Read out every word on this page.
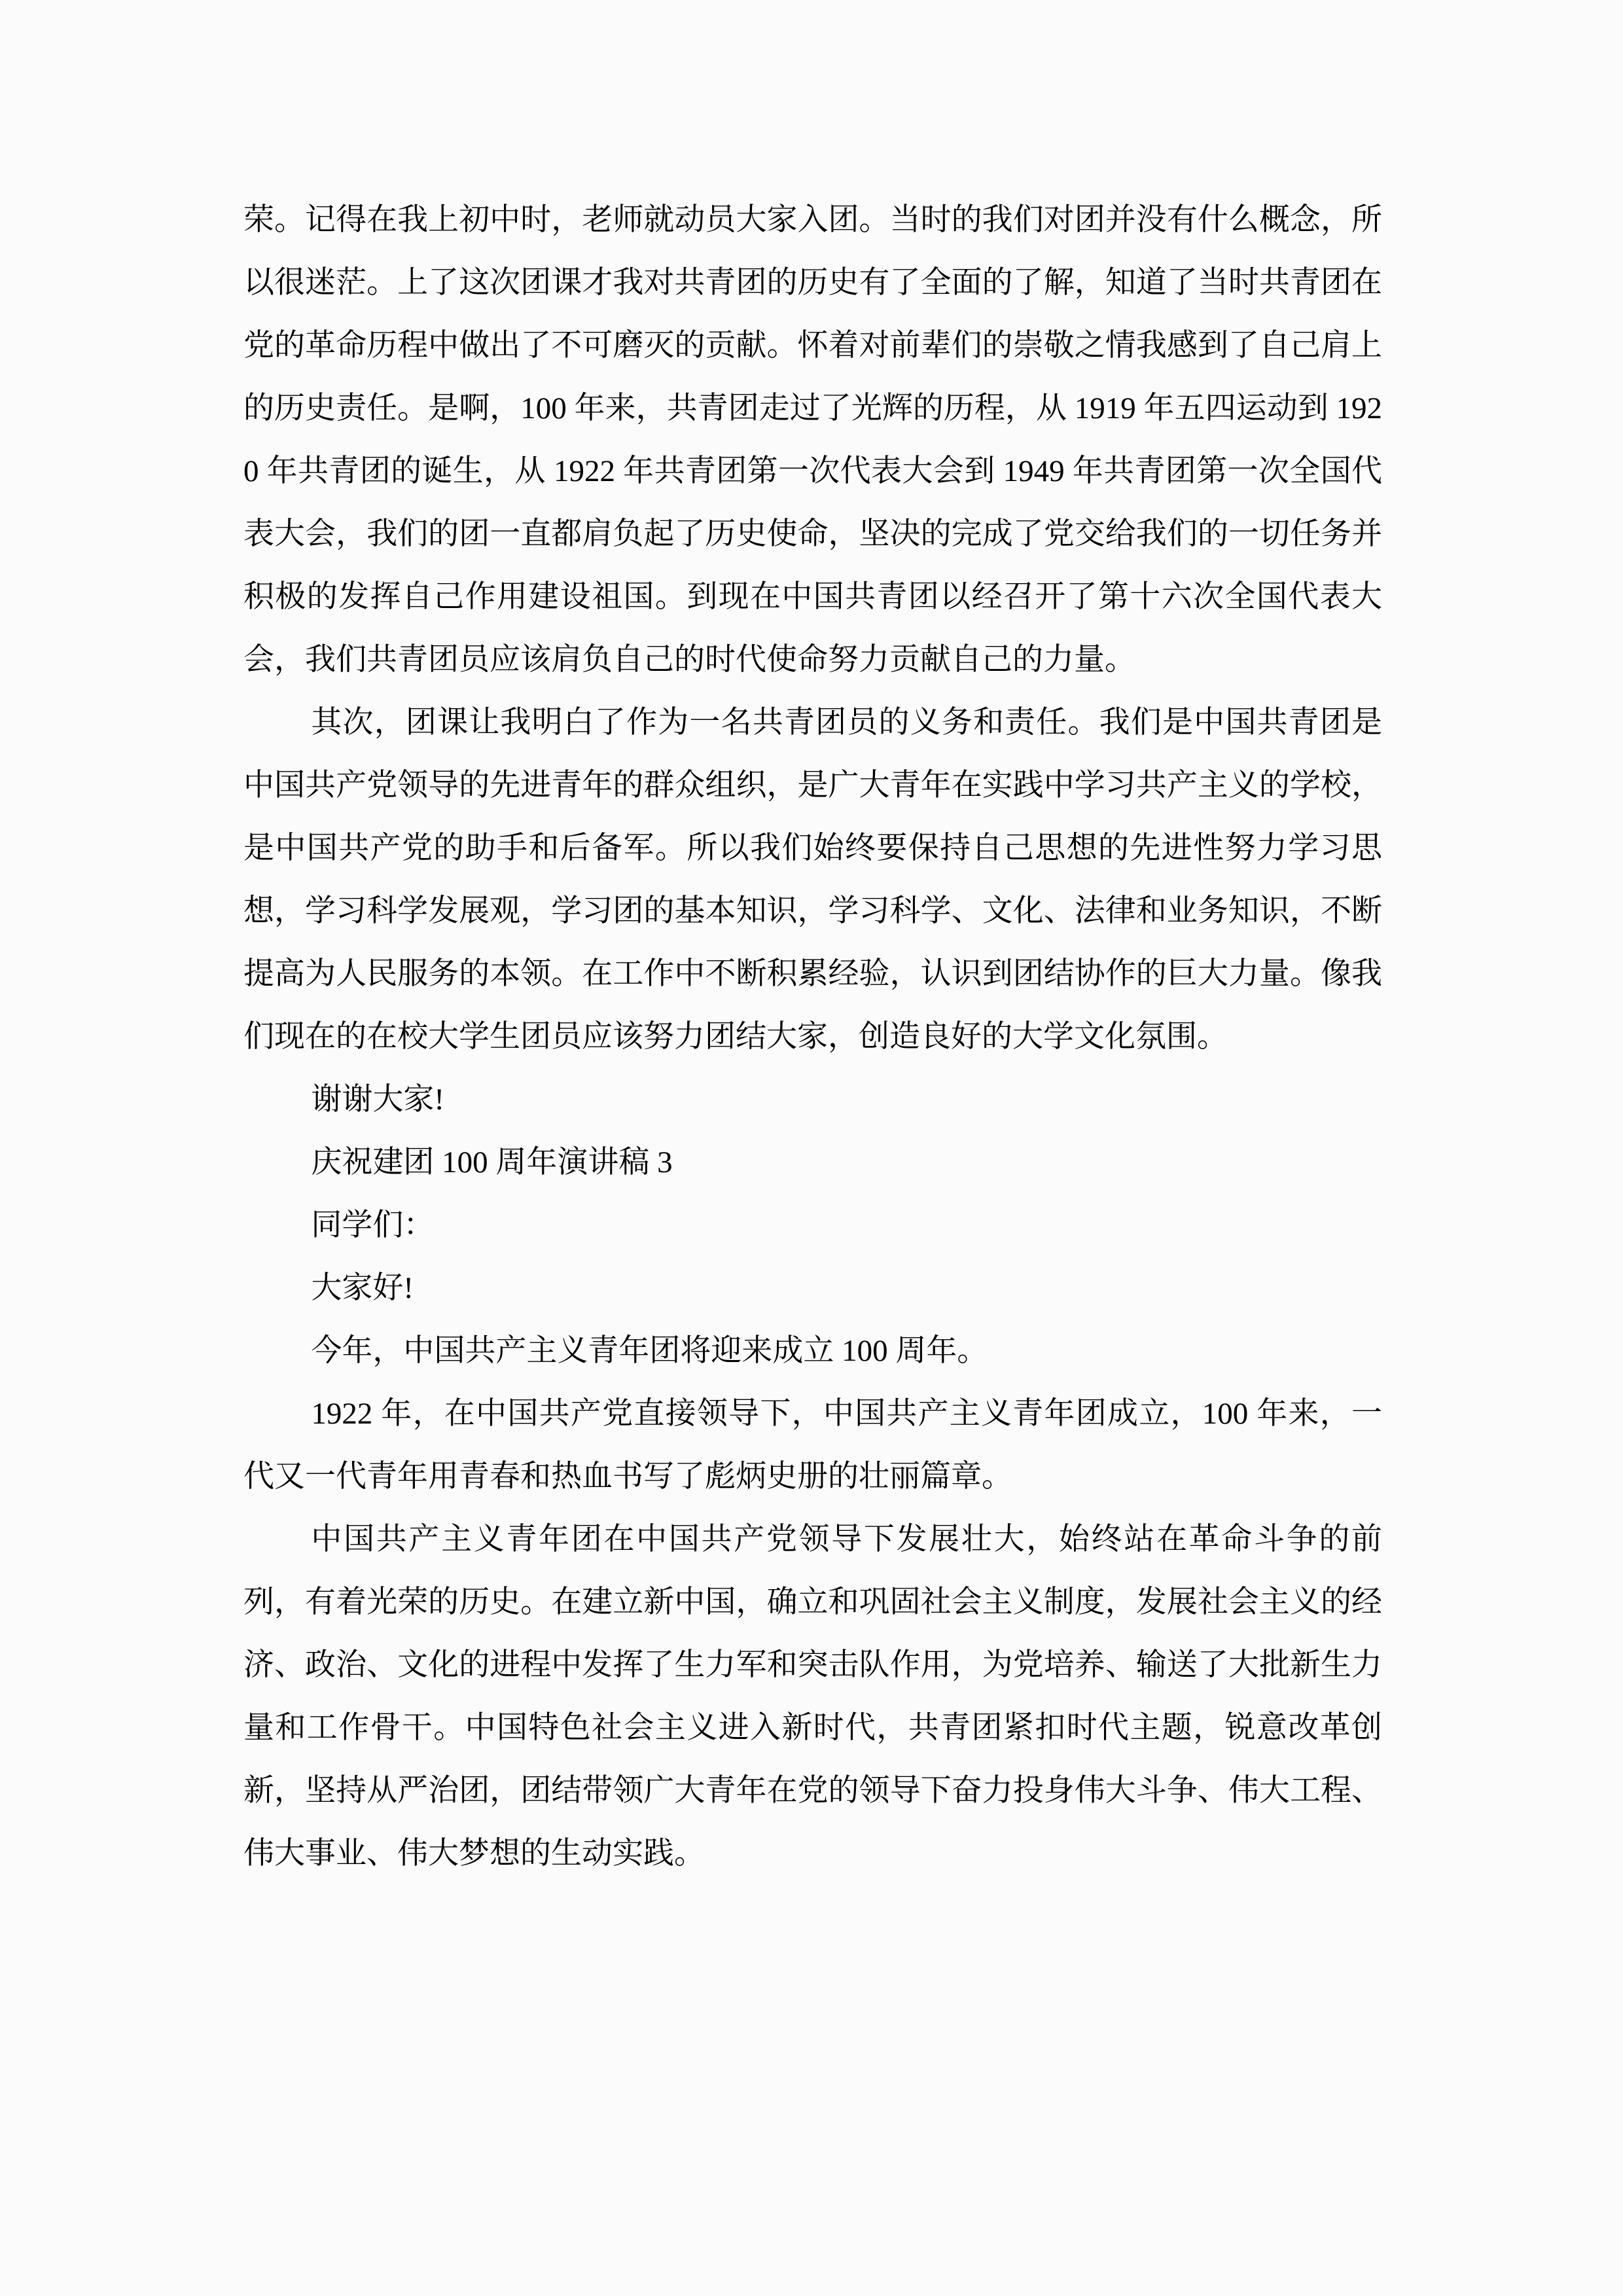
荣。记得在我上初中时，老师就动员大家入团。当时的我们对团并没有什么概念，所以很迷茫。上了这次团课才我对共青团的历史有了全面的了解，知道了当时共青团在党的革命历程中做出了不可磨灭的贡献。怀着对前辈们的崇敬之情我感到了自己肩上的历史责任。是啊，100 年来，共青团走过了光辉的历程，从 1919 年五四运动到 1920 年共青团的诞生，从 1922 年共青团第一次代表大会到 1949 年共青团第一次全国代表大会，我们的团一直都肩负起了历史使命，坚决的完成了党交给我们的一切任务并积极的发挥自己作用建设祖国。到现在中国共青团以经召开了第十六次全国代表大会，我们共青团员应该肩负自己的时代使命努力贡献自己的力量。

其次，团课让我明白了作为一名共青团员的义务和责任。我们是中国共青团是中国共产党领导的先进青年的群众组织，是广大青年在实践中学习共产主义的学校，是中国共产党的助手和后备军。所以我们始终要保持自己思想的先进性努力学习思想，学习科学发展观，学习团的基本知识，学习科学、文化、法律和业务知识，不断提高为人民服务的本领。在工作中不断积累经验，认识到团结协作的巨大力量。像我们现在的在校大学生团员应该努力团结大家，创造良好的大学文化氛围。

谢谢大家!

庆祝建团 100 周年演讲稿 3

同学们：

大家好!

今年，中国共产主义青年团将迎来成立 100 周年。

1922 年，在中国共产党直接领导下，中国共产主义青年团成立，100 年来，一代又一代青年用青春和热血书写了彪炳史册的壮丽篇章。

中国共产主义青年团在中国共产党领导下发展壮大，始终站在革命斗争的前列，有着光荣的历史。在建立新中国，确立和巩固社会主义制度，发展社会主义的经济、政治、文化的进程中发挥了生力军和突击队作用，为党培养、输送了大批新生力量和工作骨干。中国特色社会主义进入新时代，共青团紧扣时代主题，锐意改革创新，坚持从严治团，团结带领广大青年在党的领导下奋力投身伟大斗争、伟大工程、伟大事业、伟大梦想的生动实践。
